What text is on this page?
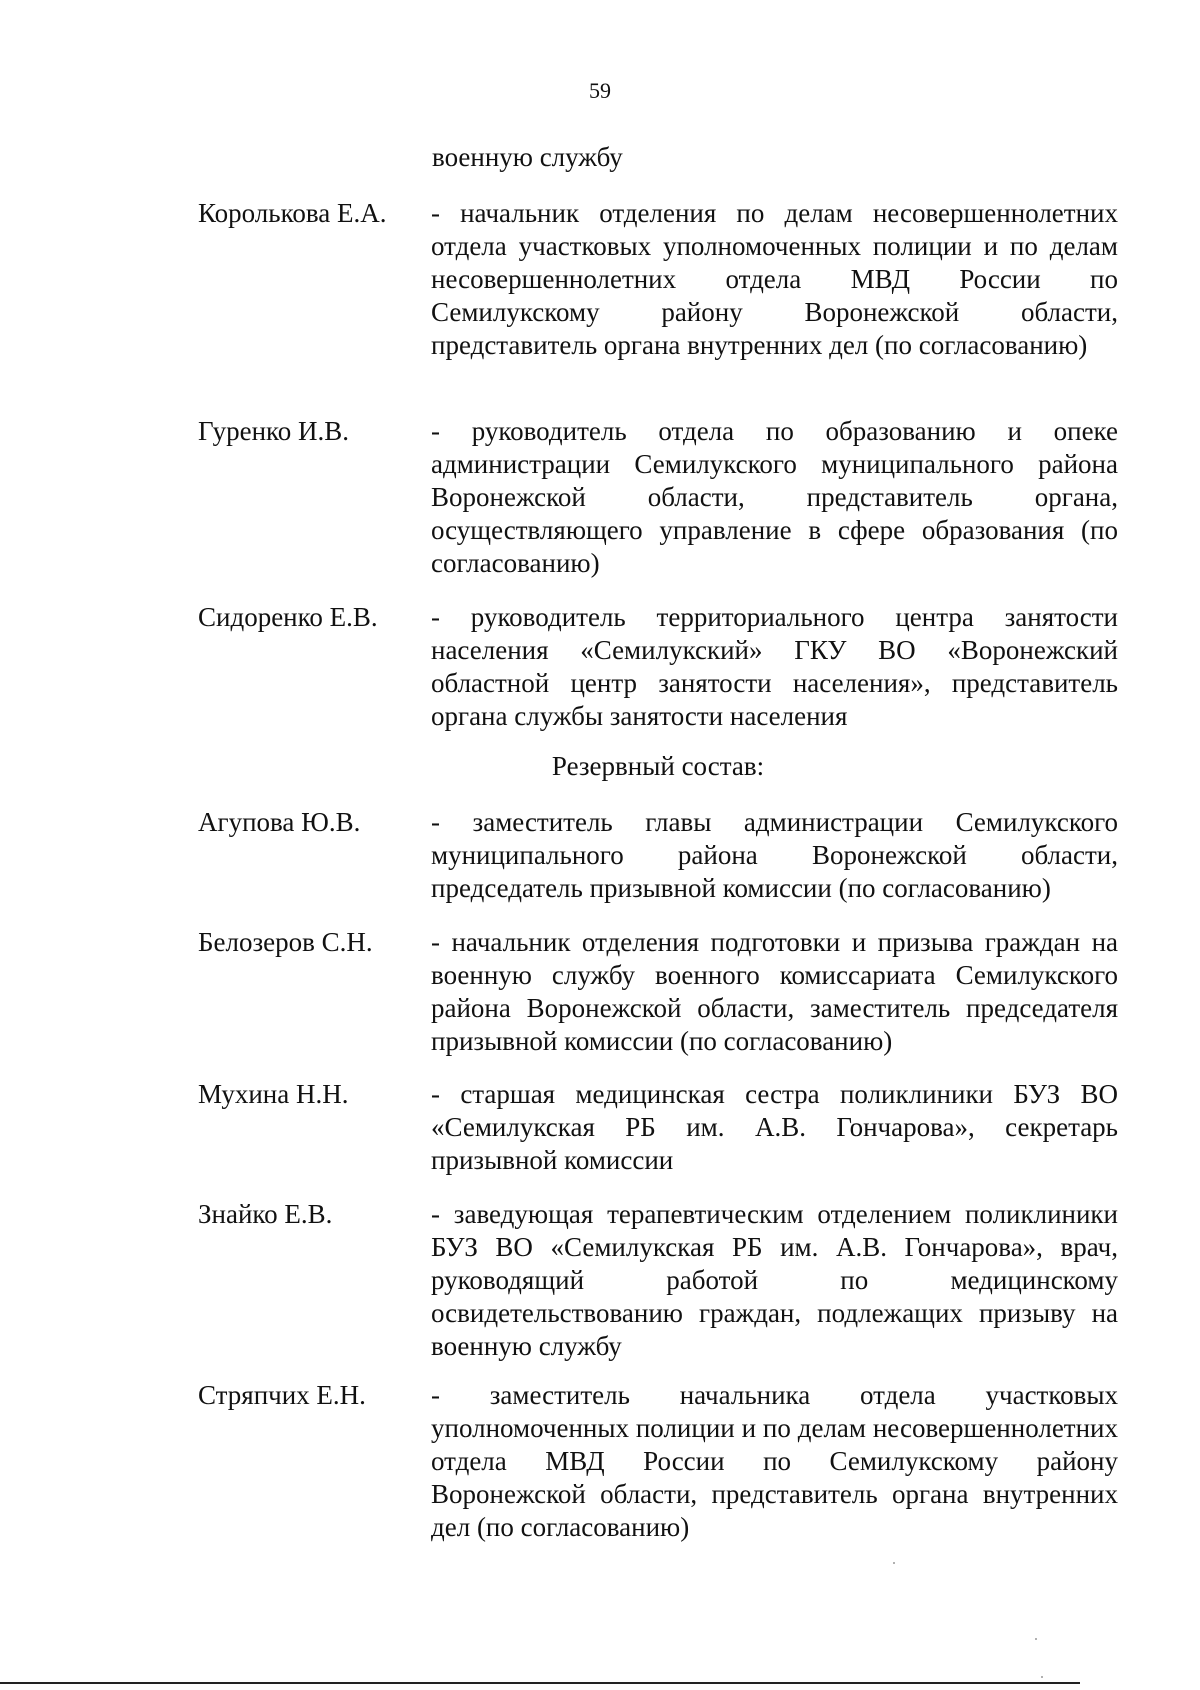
59
военную службу
Королькова Е.А. - начальник отделения по делам несовершеннолетних отдела участковых уполномоченных полиции и по делам несовершеннолетних отдела МВД России по Семилукскому району Воронежской области, представитель органа внутренних дел (по согласованию)
Гуренко И.В.	- руководитель отдела по образованию и опеке администрации Семилукского муниципального района Воронежской области, представитель органа, осуществляющего управление в сфере образования (по согласованию)
Сидоренко Е.В. - руководитель территориального центра занятости населения «Семилукский» ГКУ ВО «Воронежский областной центр занятости населения», представитель органа службы занятости населения
Резервный состав:
Агупова Ю.В.	- заместитель главы администрации Семилукского муниципального района Воронежской области, председатель призывной комиссии (по согласованию)
Белозеров С.Н. - начальник отделения подготовки и призыва граждан на военную службу военного комиссариата Семилукского района Воронежской области, заместитель председателя призывной комиссии (по согласованию)
Мухина Н.Н.	- старшая медицинская сестра поликлиники БУЗ ВО «Семилукская РБ им. А.В. Гончарова», секретарь призывной комиссии
Знайко Е.В.	- заведующая терапевтическим отделением поликлиники БУЗ ВО «Семилукская РБ им. А.В. Гончарова», врач, руководящий работой по медицинскому освидетельствованию граждан, подлежащих призыву на военную службу
Стряпчих Е.Н. - заместитель начальника отдела участковых уполномоченных полиции и по делам несовершеннолетних отдела МВД России по Семилукскому району Воронежской области, представитель органа внутренних дел (по согласованию)
